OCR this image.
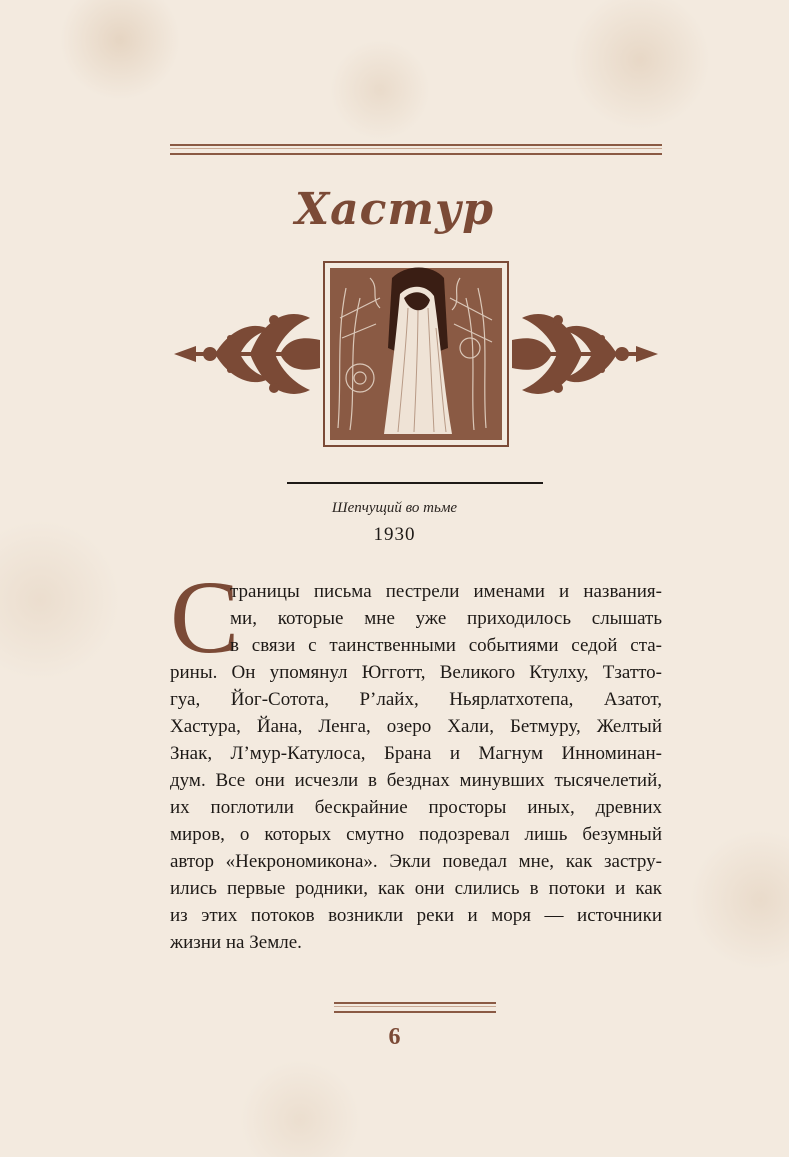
Хастур
Шепчущий во тьме
1930
С
траницы письма пестрели именами и названия-
ми, которые мне уже приходилось слышать
в связи с таинственными событиями седой ста-
рины. Он упомянул Югготт, Великого Ктулху, Тзатто-
гуа, Йог-Сотота, Р’лайх, Ньярлатхотепа, Азатот,
Хастура, Йана, Ленга, озеро Хали, Бетмуру, Желтый
Знак, Л’мур-Катулоса, Брана и Магнум Инноминан-
дум. Все они исчезли в безднах минувших тысячелетий,
их поглотили бескрайние просторы иных, древних
миров, о которых смутно подозревал лишь безумный
автор «Некрономикона». Экли поведал мне, как застру-
ились первые родники, как они слились в потоки и как
из этих потоков возникли реки и моря — источники
жизни на Земле.
6
